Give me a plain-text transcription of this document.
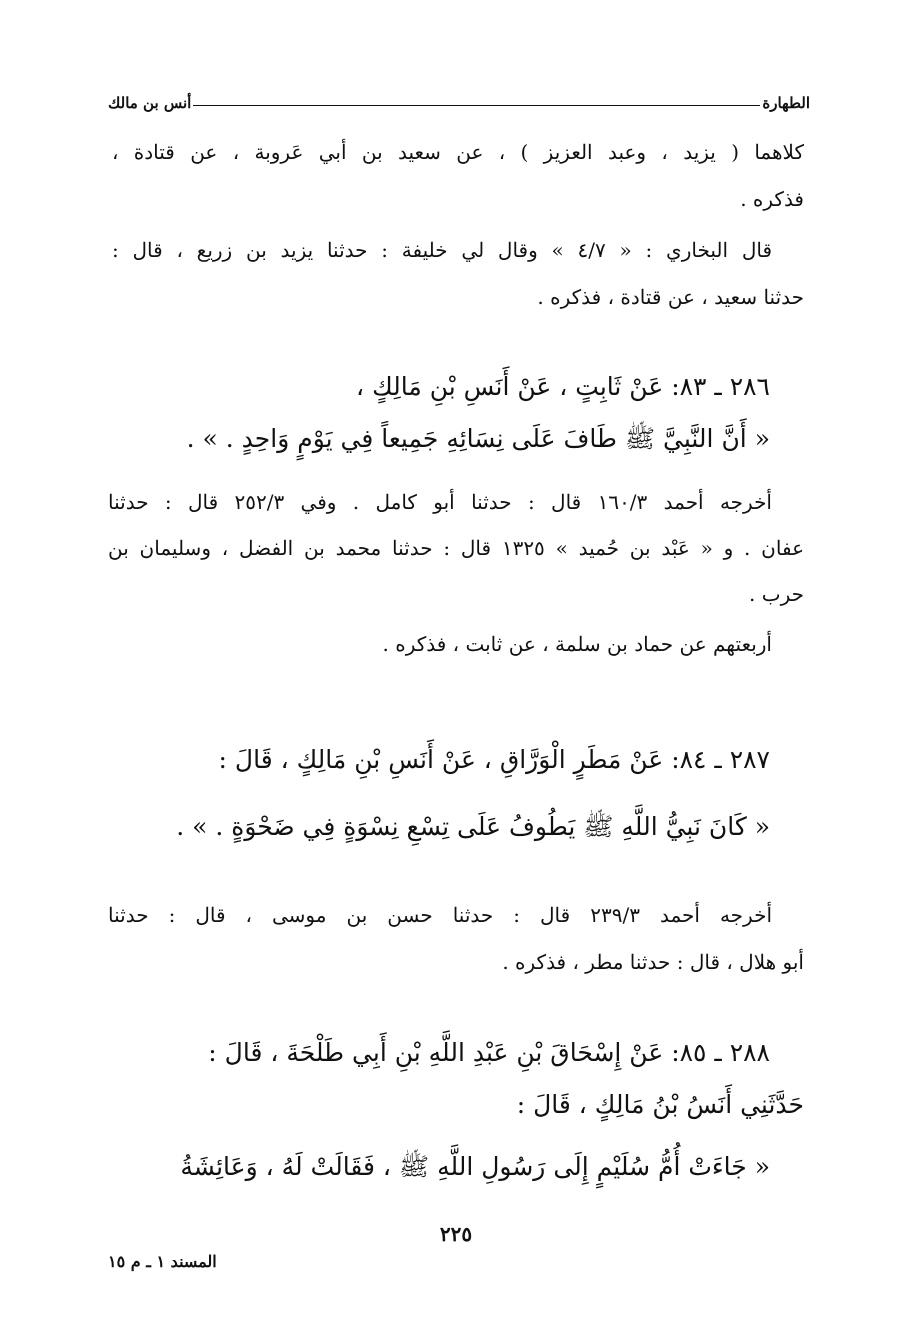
الطهارة
أنس بن مالك
كلاهما ( يزيد ، وعبد العزيز ) ، عن سعيد بن أبي عَروبة ، عن قتادة ،
فذكره .
قال البخاري : « ٤/٧ » وقال لي خليفة : حدثنا يزيد بن زريع ، قال :
حدثنا سعيد ، عن قتادة ، فذكره .
٢٨٦ ـ ٨٣: عَنْ ثَابِتٍ ، عَنْ أَنَسِ بْنِ مَالِكٍ ،
« أَنَّ النَّبِيَّ ﷺ طَافَ عَلَى نِسَائِهِ جَمِيعاً فِي يَوْمٍ وَاحِدٍ . » .
أخرجه أحمد ١٦٠/٣ قال : حدثنا أبو كامل . وفي ٢٥٢/٣ قال : حدثنا
عفان . و « عَبْد بن حُميد » ١٣٢٥ قال : حدثنا محمد بن الفضل ، وسليمان بن
حرب .
أربعتهم عن حماد بن سلمة ، عن ثابت ، فذكره .
٢٨٧ ـ ٨٤: عَنْ مَطَرٍ الْوَرَّاقِ ، عَنْ أَنَسِ بْنِ مَالِكٍ ، قَالَ :
« كَانَ نَبِيُّ اللَّهِ ﷺ يَطُوفُ عَلَى تِسْعِ نِسْوَةٍ فِي ضَحْوَةٍ . » .
أخرجه أحمد ٢٣٩/٣ قال : حدثنا حسن بن موسى ، قال : حدثنا
أبو هلال ، قال : حدثنا مطر ، فذكره .
٢٨٨ ـ ٨٥: عَنْ إِسْحَاقَ بْنِ عَبْدِ اللَّهِ بْنِ أَبِي طَلْحَةَ ، قَالَ :
حَدَّثَنِي أَنَسُ بْنُ مَالِكٍ ، قَالَ :
« جَاءَتْ أُمُّ سُلَيْمٍ إِلَى رَسُولِ اللَّهِ ﷺ ، فَقَالَتْ لَهُ ، وَعَائِشَةُ
٢٢٥
المسند ١ ـ م ١٥
